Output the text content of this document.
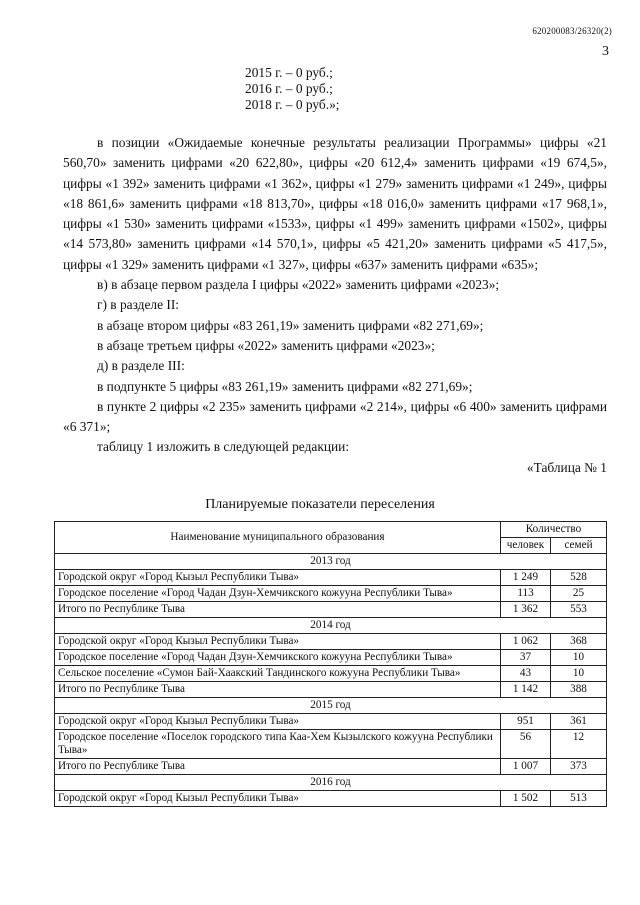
620200083/26320(2)
3
2015 г. – 0 руб.;
2016 г. – 0 руб.;
2018 г. – 0 руб.»;

в позиции «Ожидаемые конечные результаты реализации Программы» цифры «21 560,70» заменить цифрами «20 622,80», цифры «20 612,4» заменить цифрами «19 674,5», цифры «1 392» заменить цифрами «1 362», цифры «1 279» заменить цифрами «1 249», цифры «18 861,6» заменить цифрами «18 813,70», цифры «18 016,0» заменить цифрами «17 968,1», цифры «1 530» заменить цифрами «1533», цифры «1 499» заменить цифрами «1502», цифры «14 573,80» заменить цифрами «14 570,1», цифры «5 421,20» заменить цифрами «5 417,5», цифры «1 329» заменить цифрами «1 327», цифры «637» заменить цифрами «635»;

в) в абзаце первом раздела I цифры «2022» заменить цифрами «2023»;

г) в разделе II:

в абзаце втором цифры «83 261,19» заменить цифрами «82 271,69»;

в абзаце третьем цифры «2022» заменить цифрами «2023»;

д) в разделе III:

в подпункте 5 цифры «83 261,19» заменить цифрами «82 271,69»;

в пункте 2 цифры «2 235» заменить цифрами «2 214», цифры «6 400» заменить цифрами «6 371»;

таблицу 1 изложить в следующей редакции:

«Таблица № 1

Планируемые показатели переселения
Наименование муниципального образования	Количество	
	человек	семей
2013 год		
Городской округ «Город Кызыл Республики Тыва»	1 249	528
Городское поселение «Город Чадан Дзун-Хемчикского кожууна Республики Тыва»	113	25
Итого по Республике Тыва	1 362	553
2014 год		
Городской округ «Город Кызыл Республики Тыва»	1 062	368
Городское поселение «Город Чадан Дзун-Хемчикского кожууна Республики Тыва»	37	10
Сельское поселение «Сумон Бай-Хаакский Тандинского кожууна Республики Тыва»	43	10
Итого по Республике Тыва	1 142	388
2015 год		
Городской округ «Город Кызыл Республики Тыва»	951	361
Городское поселение «Поселок городского типа Каа-Хем Кызылского кожууна Республики Тыва»	56	12
Итого по Республике Тыва	1 007	373
2016 год		
Городской округ «Город Кызыл Республики Тыва»	1 502	513
